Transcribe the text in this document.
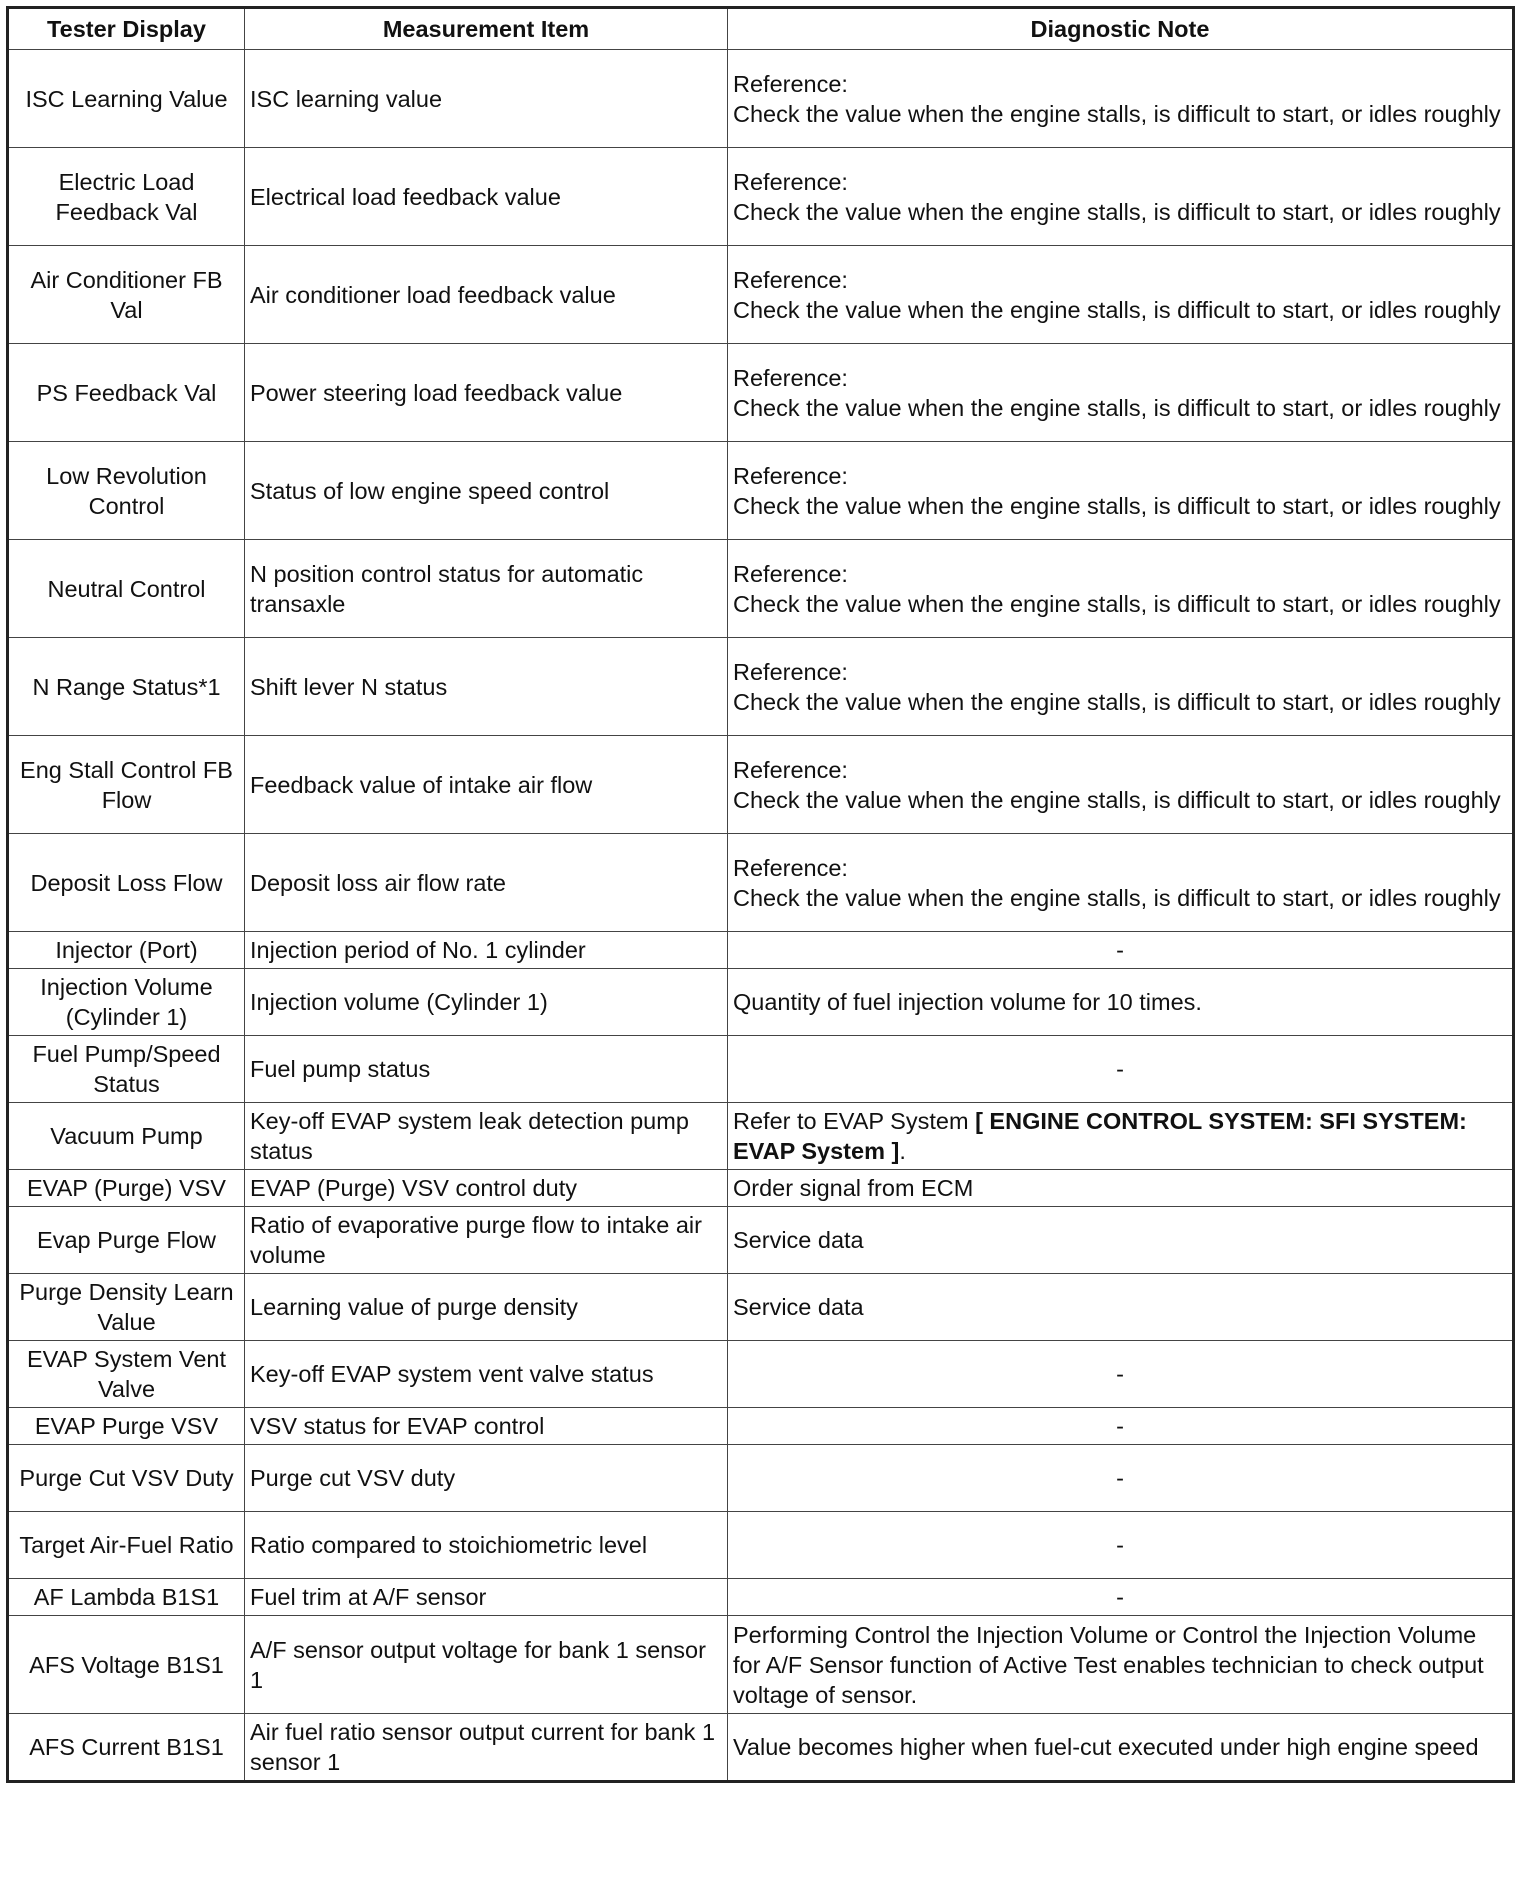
Tester Display	Measurement Item	Diagnostic Note
ISC Learning Value	ISC learning value	Reference:
Check the value when the engine stalls, is difficult to start, or idles roughly

Electric Load Feedback Val	Electrical load feedback value	Reference:
Check the value when the engine stalls, is difficult to start, or idles roughly

Air Conditioner FB Val	Air conditioner load feedback value	Reference:
Check the value when the engine stalls, is difficult to start, or idles roughly

PS Feedback Val	Power steering load feedback value	Reference:
Check the value when the engine stalls, is difficult to start, or idles roughly

Low Revolution Control	Status of low engine speed control	Reference:
Check the value when the engine stalls, is difficult to start, or idles roughly

Neutral Control	N position control status for automatic transaxle	Reference:
Check the value when the engine stalls, is difficult to start, or idles roughly

N Range Status*1	Shift lever N status	Reference:
Check the value when the engine stalls, is difficult to start, or idles roughly

Eng Stall Control FB Flow	Feedback value of intake air flow	Reference:
Check the value when the engine stalls, is difficult to start, or idles roughly

Deposit Loss Flow	Deposit loss air flow rate	Reference:
Check the value when the engine stalls, is difficult to start, or idles roughly

Injector (Port)	Injection period of No. 1 cylinder	-
Injection Volume (Cylinder 1)	Injection volume (Cylinder 1)	Quantity of fuel injection volume for 10 times.
Fuel Pump/Speed Status	Fuel pump status	-
Vacuum Pump	Key-off EVAP system leak detection pump status	Refer to EVAP System [ ENGINE CONTROL SYSTEM: SFI SYSTEM: EVAP System ].
EVAP (Purge) VSV	EVAP (Purge) VSV control duty	Order signal from ECM
Evap Purge Flow	Ratio of evaporative purge flow to intake air volume	Service data
Purge Density Learn Value	Learning value of purge density	Service data
EVAP System Vent Valve	Key-off EVAP system vent valve status	-
EVAP Purge VSV	VSV status for EVAP control	-
Purge Cut VSV Duty	Purge cut VSV duty	-
Target Air-Fuel Ratio	Ratio compared to stoichiometric level	-
AF Lambda B1S1	Fuel trim at A/F sensor	-
AFS Voltage B1S1	A/F sensor output voltage for bank 1 sensor 1	Performing Control the Injection Volume or Control the Injection Volume for A/F Sensor function of Active Test enables technician to check output voltage of sensor.
AFS Current B1S1	Air fuel ratio sensor output current for bank 1 sensor 1	Value becomes higher when fuel-cut executed under high engine speed
